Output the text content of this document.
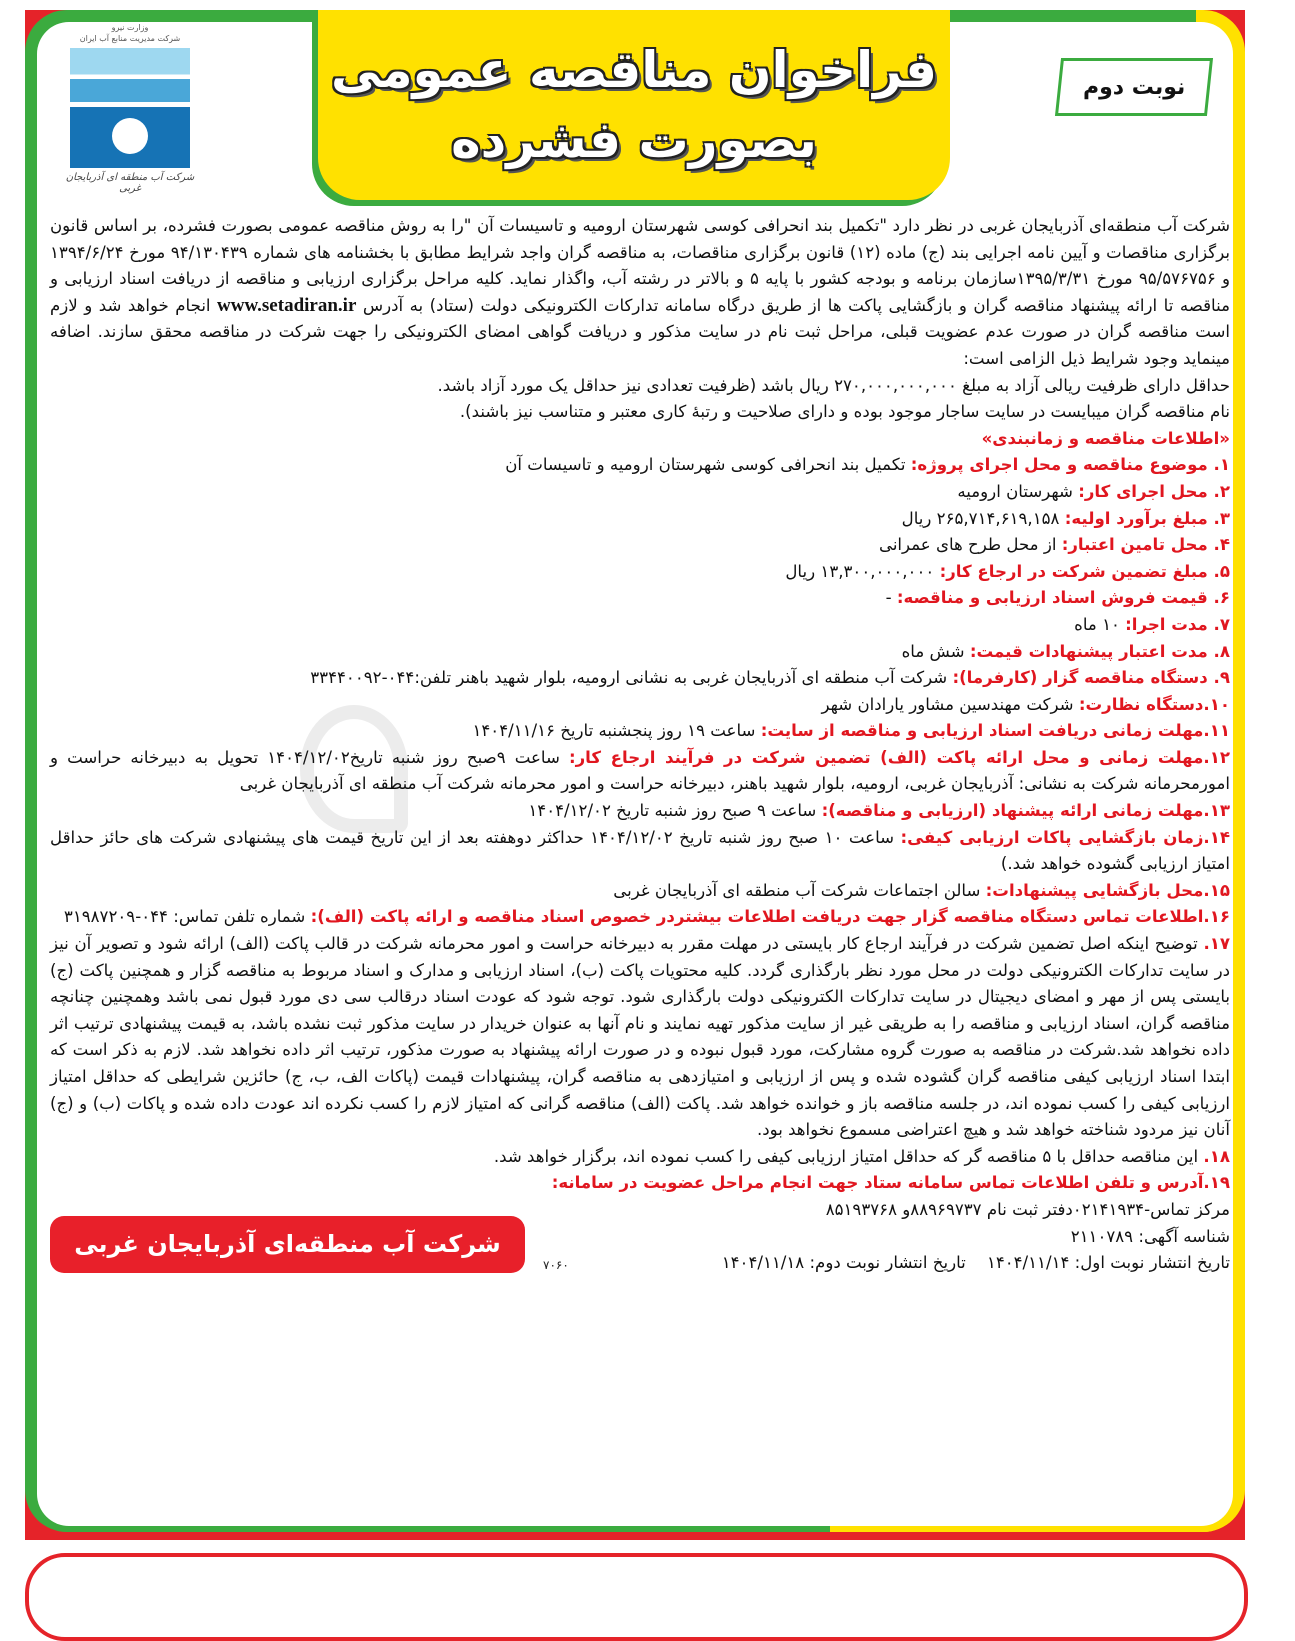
فراخوان مناقصه عمومی
بصورت فشرده
نوبت دوم
وزارت نیرو
شرکت مدیریت منابع آب ایران
شرکت آب منطقه ای آذربایجان غربی

شرکت آب منطقه‌ای آذربایجان غربی در نظر دارد "تکمیل بند انحرافی کوسی شهرستان ارومیه و تاسیسات آن "را به روش مناقصه عمومی بصورت فشرده، بر اساس قانون برگزاری مناقصات و آیین نامه اجرایی بند (ج) ماده (۱۲) قانون برگزاری مناقصات، به مناقصه گران واجد شرایط مطابق با بخشنامه های شماره ۹۴/۱۳۰۴۳۹ مورخ ۱۳۹۴/۶/۲۴ و ۹۵/۵۷۶۷۵۶ مورخ ۱۳۹۵/۳/۳۱سازمان برنامه و بودجه کشور با پایه ۵ و بالاتر در رشته آب، واگذار نماید. کلیه مراحل برگزاری ارزیابی و مناقصه از دریافت اسناد ارزیابی و مناقصه تا ارائه پیشنهاد مناقصه گران و بازگشایی پاکت ها از طریق درگاه سامانه تدارکات الکترونیکی دولت (ستاد) به آدرس www.setadiran.ir انجام خواهد شد و لازم است مناقصه گران در صورت عدم عضویت قبلی، مراحل ثبت نام در سایت مذکور و دریافت گواهی امضای الکترونیکی را جهت شرکت در مناقصه محقق سازند. اضافه مینماید وجود شرایط ذیل الزامی است:

حداقل دارای ظرفیت ریالی آزاد به مبلغ ۲۷۰,۰۰۰,۰۰۰,۰۰۰ ریال باشد (ظرفیت تعدادی نیز حداقل یک مورد آزاد باشد.

نام مناقصه گران میبایست در سایت ساجار موجود بوده و دارای صلاحیت و رتبهٔ کاری معتبر و متناسب نیز باشند).

«اطلاعات مناقصه و زمانبندی»

۱. موضوع مناقصه و محل اجرای پروژه: تکمیل بند انحرافی کوسی شهرستان ارومیه و تاسیسات آن

۲. محل اجرای کار: شهرستان ارومیه

۳. مبلغ برآورد اولیه: ۲۶۵,۷۱۴,۶۱۹,۱۵۸ ریال

۴. محل تامین اعتبار: از محل طرح های عمرانی

۵. مبلغ تضمین شرکت در ارجاع کار: ۱۳,۳۰۰,۰۰۰,۰۰۰ ریال

۶. قیمت فروش اسناد ارزیابی و مناقصه: -

۷. مدت اجرا: ۱۰ ماه

۸. مدت اعتبار پیشنهادات قیمت: شش ماه

۹. دستگاه مناقصه گزار (کارفرما): شرکت آب منطقه ای آذربایجان غربی به نشانی ارومیه، بلوار شهید باهنر تلفن:۰۴۴-۳۳۴۴۰۰۹۲

۱۰.دستگاه نظارت: شرکت مهندسین مشاور یارادان شهر

۱۱.مهلت زمانی دریافت اسناد ارزیابی و مناقصه از سایت: ساعت ۱۹ روز پنجشنبه تاریخ ۱۴۰۴/۱۱/۱۶

۱۲.مهلت زمانی و محل ارائه پاکت (الف) تضمین شرکت در فرآیند ارجاع کار: ساعت ۹صبح روز شنبه تاریخ۱۴۰۴/۱۲/۰۲ تحویل به دبیرخانه حراست و امورمحرمانه شرکت به نشانی: آذربایجان غربی، ارومیه، بلوار شهید باهنر، دبیرخانه حراست و امور محرمانه شرکت آب منطقه ای آذربایجان غربی

۱۳.مهلت زمانی ارائه پیشنهاد (ارزیابی و مناقصه): ساعت ۹ صبح روز شنبه تاریخ ۱۴۰۴/۱۲/۰۲

۱۴.زمان بازگشایی پاکات ارزیابی کیفی: ساعت ۱۰ صبح روز شنبه تاریخ ۱۴۰۴/۱۲/۰۲ حداکثر دوهفته بعد از این تاریخ قیمت های پیشنهادی شرکت های حائز حداقل امتیاز ارزیابی گشوده خواهد شد.)

۱۵.محل بازگشایی پیشنهادات: سالن اجتماعات شرکت آب منطقه ای آذربایجان غربی

۱۶.اطلاعات تماس دستگاه مناقصه گزار جهت دریافت اطلاعات بیشتردر خصوص اسناد مناقصه و ارائه پاکت (الف): شماره تلفن تماس: ۰۴۴-۳۱۹۸۷۲۰۹

۱۷. توضیح اینکه اصل تضمین شرکت در فرآیند ارجاع کار بایستی در مهلت مقرر به دبیرخانه حراست و امور محرمانه شرکت در قالب پاکت (الف) ارائه شود و تصویر آن نیز در سایت تدارکات الکترونیکی دولت در محل مورد نظر بارگذاری گردد. کلیه محتویات پاکت (ب)، اسناد ارزیابی و مدارک و اسناد مربوط به مناقصه گزار و همچنین پاکت (ج) بایستی پس از مهر و امضای دیجیتال در سایت تدارکات الکترونیکی دولت بارگذاری شود. توجه شود که عودت اسناد درقالب سی دی مورد قبول نمی باشد وهمچنین چنانچه مناقصه گران، اسناد ارزیابی و مناقصه را به طریقی غیر از سایت مذکور تهیه نمایند و نام آنها به عنوان خریدار در سایت مذکور ثبت نشده باشد، به قیمت پیشنهادی ترتیب اثر داده نخواهد شد.شرکت در مناقصه به صورت گروه مشارکت، مورد قبول نبوده و در صورت ارائه پیشنهاد به صورت مذکور، ترتیب اثر داده نخواهد شد. لازم به ذکر است که ابتدا اسناد ارزیابی کیفی مناقصه گران گشوده شده و پس از ارزیابی و امتیازدهی به مناقصه گران، پیشنهادات قیمت (پاکات الف، ب، ج) حائزین شرایطی که حداقل امتیاز ارزیابی کیفی را کسب نموده اند، در جلسه مناقصه باز و خوانده خواهد شد. پاکت (الف) مناقصه گرانی که امتیاز لازم را کسب نکرده اند عودت داده شده و پاکات (ب) و (ج) آنان نیز مردود شناخته خواهد شد و هیچ اعتراضی مسموع نخواهد بود.

۱۸. این مناقصه حداقل با ۵ مناقصه گر که حداقل امتیاز ارزیابی کیفی را کسب نموده اند، برگزار خواهد شد.

۱۹.آدرس و تلفن اطلاعات تماس سامانه ستاد جهت انجام مراحل عضویت در سامانه:

مرکز تماس-۰۲۱۴۱۹۳۴دفتر ثبت نام ۸۸۹۶۹۷۳۷و ۸۵۱۹۳۷۶۸

شناسه آگهی: ۲۱۱۰۷۸۹

تاریخ انتشار نوبت اول: ۱۴۰۴/۱۱/۱۴    تاریخ انتشار نوبت دوم: ۱۴۰۴/۱۱/۱۸

۷۰۶۰
شرکت آب منطقه‌ای آذربایجان غربی
